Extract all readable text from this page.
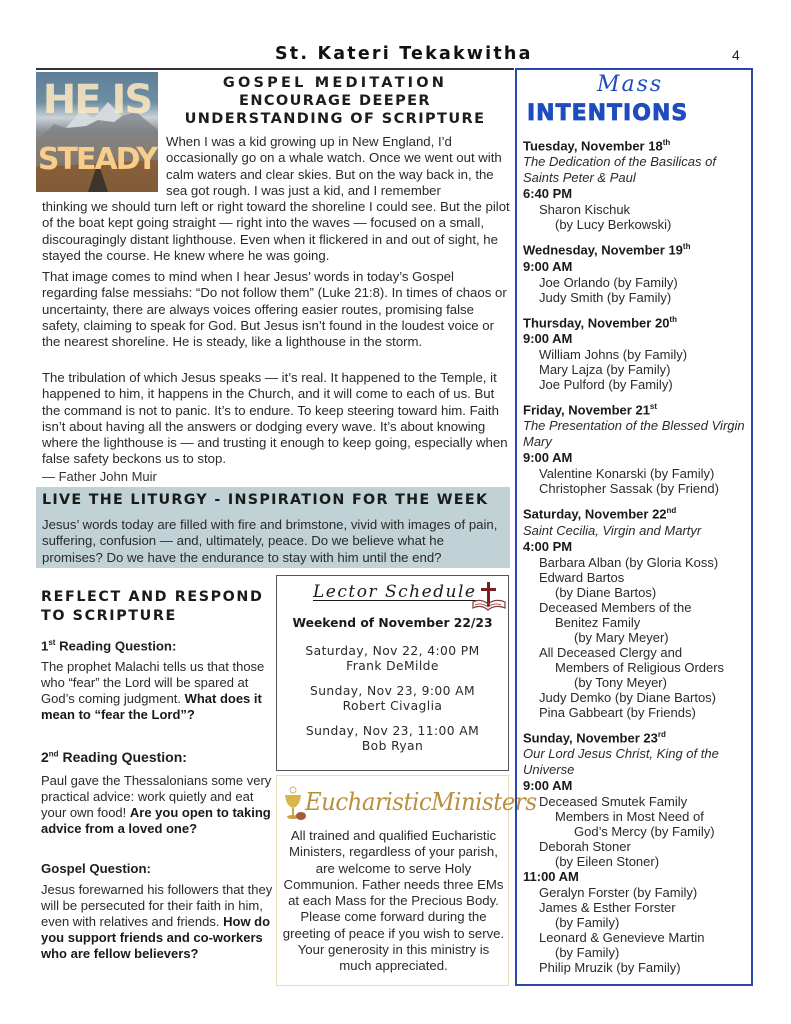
St. Kateri Tekakwitha	4
HE IS
STEADY
GOSPEL MEDITATION
ENCOURAGE DEEPER
UNDERSTANDING OF SCRIPTURE
When I was a kid growing up in New England, I’d occasionally go on a whale watch. Once we went out with calm waters and clear skies. But on the way back in, the sea got rough. I was just a kid, and I remember
thinking we should turn left or right toward the shoreline I could see. But the pilot of the boat kept going straight — right into the waves — focused on a small, discouragingly distant lighthouse. Even when it flickered in and out of sight, he stayed the course. He knew where he was going.
That image comes to mind when I hear Jesus’ words in today’s Gospel regarding false messiahs: “Do not follow them” (Luke 21:8). In times of chaos or uncertainty, there are always voices offering easier routes, promising false safety, claiming to speak for God. But Jesus isn’t found in the loudest voice or the nearest shoreline. He is steady, like a lighthouse in the storm.
The tribulation of which Jesus speaks — it’s real. It happened to the Temple, it happened to him, it happens in the Church, and it will come to each of us. But the command is not to panic. It’s to endure. To keep steering toward him. Faith isn’t about having all the answers or dodging every wave. It’s about knowing where the lighthouse is — and trusting it enough to keep going, especially when false safety beckons us to stop.
— Father John Muir
LIVE THE LITURGY - INSPIRATION FOR THE WEEK
Jesus’ words today are filled with fire and brimstone, vivid with images of pain, suffering, confusion — and, ultimately, peace. Do we believe what he promises? Do we have the endurance to stay with him until the end?
REFLECT AND RESPOND TO SCRIPTURE
1st Reading Question:
The prophet Malachi tells us that those who “fear” the Lord will be spared at God’s coming judgment. What does it mean to “fear the Lord”?
2nd Reading Question:
Paul gave the Thessalonians some very practical advice: work quietly and eat your own food! Are you open to taking advice from a loved one?
Gospel Question:
Jesus forewarned his followers that they will be persecuted for their faith in him, even with relatives and friends. How do you support friends and co-workers who are fellow believers?
Lector Schedule
Weekend of November 22/23
Saturday, Nov 22, 4:00 PM
Frank DeMilde
Sunday, Nov 23, 9:00 AM
Robert Civaglia
Sunday, Nov 23, 11:00 AM
Bob Ryan
EucharisticMinisters
All trained and qualified Eucharistic Ministers, regardless of your parish, are welcome to serve Holy Communion. Father needs three EMs at each Mass for the Precious Body. Please come forward during the greeting of peace if you wish to serve. Your generosity in this ministry is much appreciated.
Mass
INTENTIONS
Tuesday, November 18th
The Dedication of the Basilicas of Saints Peter & Paul
6:40 PM
Sharon Kischuk
(by Lucy Berkowski)
Wednesday, November 19th
9:00 AM
Joe Orlando (by Family)
Judy Smith (by Family)
Thursday, November 20th
9:00 AM
William Johns (by Family)
Mary Lajza (by Family)
Joe Pulford (by Family)
Friday, November 21st
The Presentation of the Blessed Virgin Mary
9:00 AM
Valentine Konarski (by Family)
Christopher Sassak (by Friend)
Saturday, November 22nd
Saint Cecilia, Virgin and Martyr
4:00 PM
Barbara Alban (by Gloria Koss)
Edward Bartos
(by Diane Bartos)
Deceased Members of the
Benitez Family
(by Mary Meyer)
All Deceased Clergy and
Members of Religious Orders
(by Tony Meyer)
Judy Demko (by Diane Bartos)
Pina Gabbeart (by Friends)
Sunday, November 23rd
Our Lord Jesus Christ, King of the Universe
9:00 AM
Deceased Smutek Family
Members in Most Need of
God’s Mercy (by Family)
Deborah Stoner
(by Eileen Stoner)
11:00 AM
Geralyn Forster (by Family)
James & Esther Forster
(by Family)
Leonard & Genevieve Martin
(by Family)
Philip Mruzik (by Family)
